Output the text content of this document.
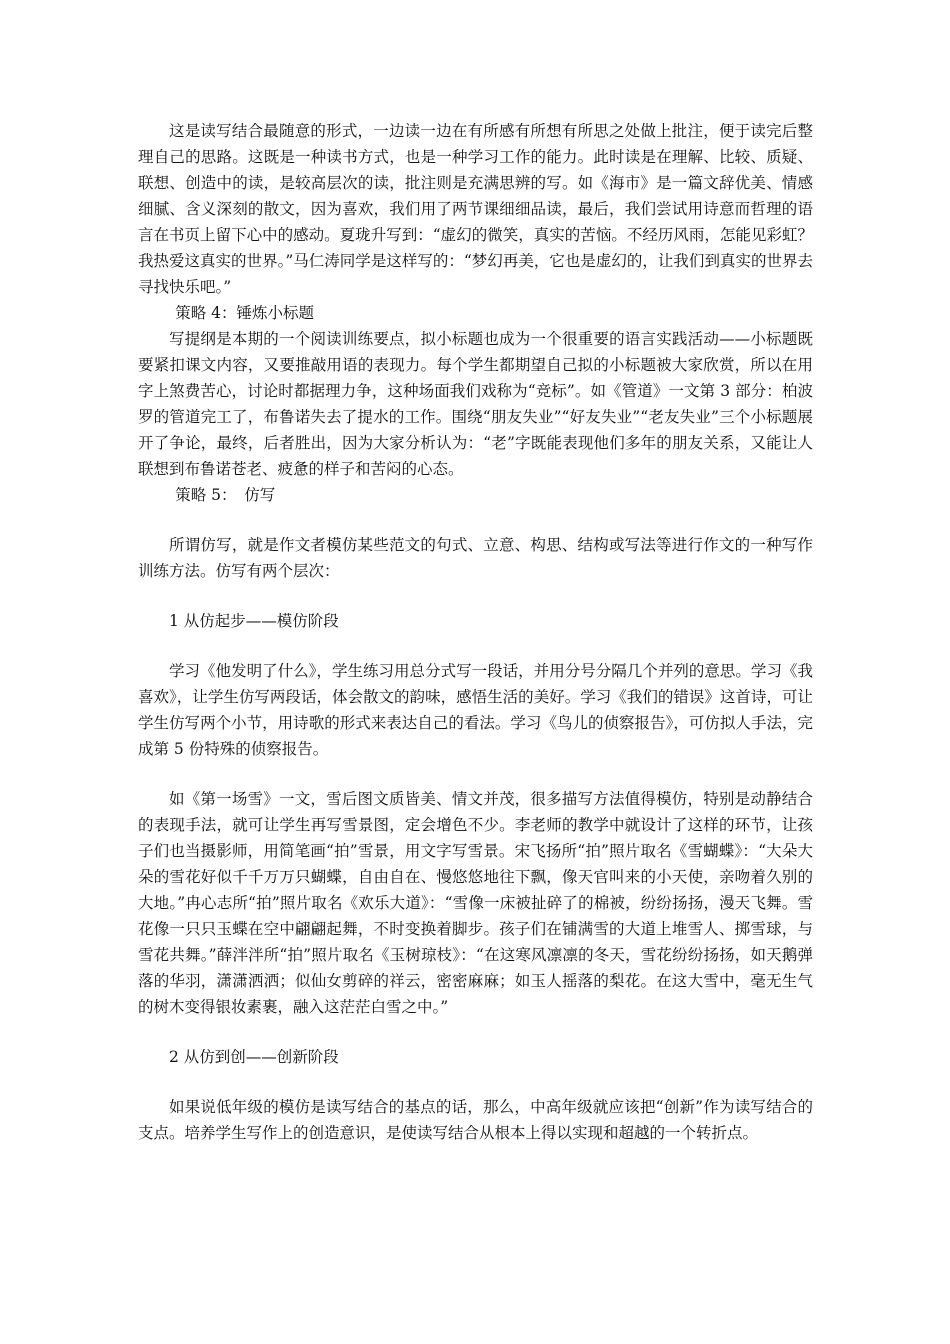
这是读写结合最随意的形式，一边读一边在有所感有所想有所思之处做上批注，便于读完后整理自己的思路。这既是一种读书方式，也是一种学习工作的能力。此时读是在理解、比较、质疑、联想、创造中的读，是较高层次的读，批注则是充满思辨的写。如《海市》是一篇文辞优美、情感细腻、含义深刻的散文，因为喜欢，我们用了两节课细细品读，最后，我们尝试用诗意而哲理的语言在书页上留下心中的感动。夏珑升写到：“虚幻的微笑，真实的苦恼。不经历风雨，怎能见彩虹？我热爱这真实的世界。”马仁涛同学是这样写的：“梦幻再美，它也是虚幻的，让我们到真实的世界去寻找快乐吧。”

策略 4：锤炼小标题

写提纲是本期的一个阅读训练要点，拟小标题也成为一个很重要的语言实践活动——小标题既要紧扣课文内容，又要推敲用语的表现力。每个学生都期望自己拟的小标题被大家欣赏，所以在用字上煞费苦心，讨论时都据理力争，这种场面我们戏称为“竞标”。如《管道》一文第 3 部分：柏波罗的管道完工了，布鲁诺失去了提水的工作。围绕“朋友失业”“好友失业”“老友失业”三个小标题展开了争论，最终，后者胜出，因为大家分析认为：“老”字既能表现他们多年的朋友关系，又能让人联想到布鲁诺苍老、疲惫的样子和苦闷的心态。

策略 5：　仿写

所谓仿写，就是作文者模仿某些范文的句式、立意、构思、结构或写法等进行作文的一种写作训练方法。仿写有两个层次：

1 从仿起步——模仿阶段

学习《他发明了什么》，学生练习用总分式写一段话，并用分号分隔几个并列的意思。学习《我喜欢》，让学生仿写两段话，体会散文的韵味，感悟生活的美好。学习《我们的错误》这首诗，可让学生仿写两个小节，用诗歌的形式来表达自己的看法。学习《鸟儿的侦察报告》，可仿拟人手法，完成第 5 份特殊的侦察报告。

如《第一场雪》一文，雪后图文质皆美、情文并茂，很多描写方法值得模仿，特别是动静结合的表现手法，就可让学生再写雪景图，定会增色不少。李老师的教学中就设计了这样的环节，让孩子们也当摄影师，用简笔画“拍”雪景，用文字写雪景。宋飞扬所“拍”照片取名《雪蝴蝶》：“大朵大朵的雪花好似千千万万只蝴蝶，自由自在、慢悠悠地往下飘，像天官叫来的小天使，亲吻着久别的大地。”冉心志所“拍”照片取名《欢乐大道》：“雪像一床被扯碎了的棉被，纷纷扬扬，漫天飞舞。雪花像一只只玉蝶在空中翩翩起舞，不时变换着脚步。孩子们在铺满雪的大道上堆雪人、掷雪球，与雪花共舞。”薛泮泮所“拍”照片取名《玉树琼枝》：“在这寒风凛凛的冬天，雪花纷纷扬扬，如天鹅弹落的华羽，潇潇洒洒；似仙女剪碎的祥云，密密麻麻；如玉人摇落的梨花。在这大雪中，毫无生气的树木变得银妆素裹，融入这茫茫白雪之中。”

2 从仿到创——创新阶段

如果说低年级的模仿是读写结合的基点的话，那么，中高年级就应该把“创新”作为读写结合的支点。培养学生写作上的创造意识，是使读写结合从根本上得以实现和超越的一个转折点。
